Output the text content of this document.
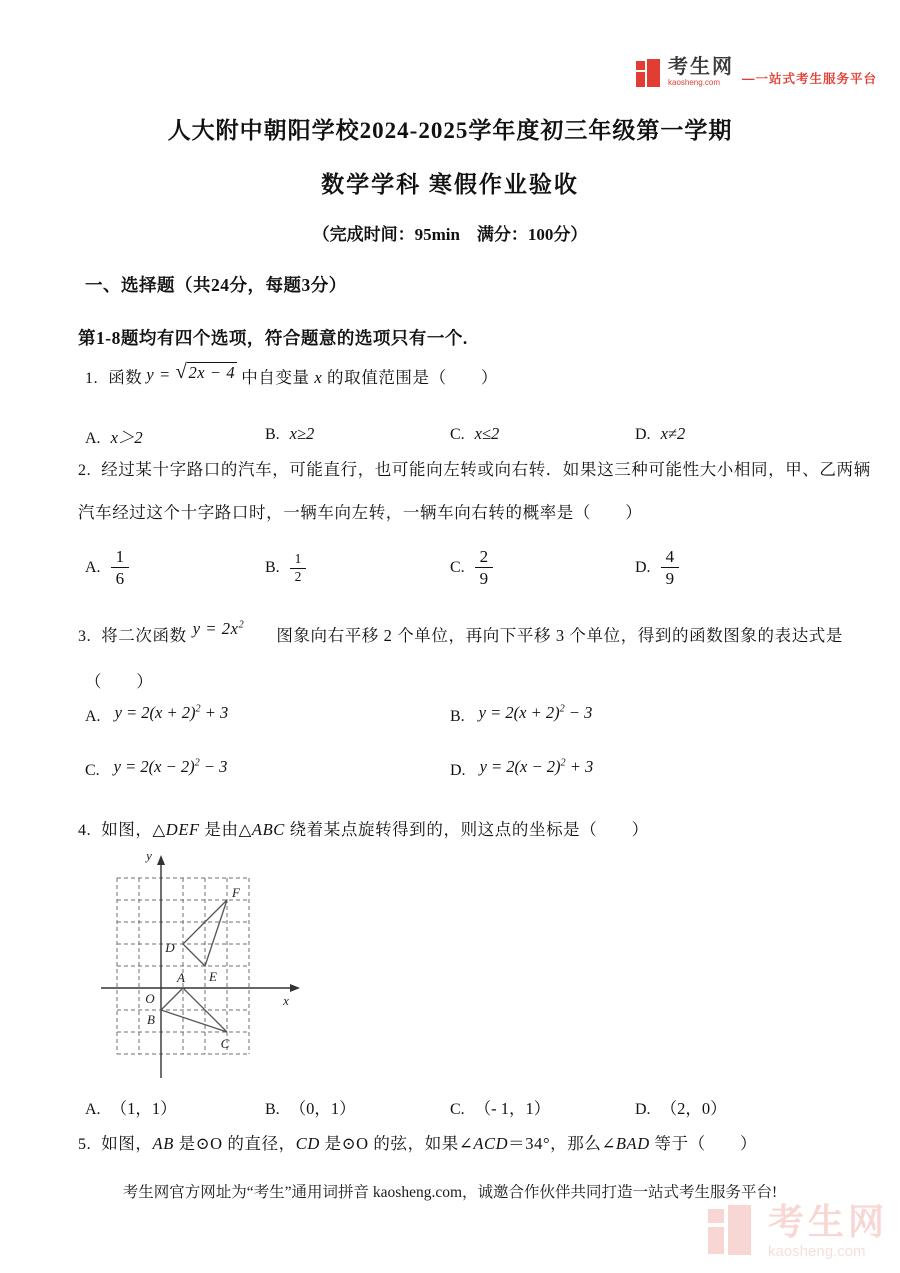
考生网
kaosheng.com	—一站式考生服务平台
人大附中朝阳学校2024-2025学年度初三年级第一学期
数学学科 寒假作业验收
（完成时间：95min　满分：100分）
一、选择题（共24分，每题3分）
第1-8题均有四个选项，符合题意的选项只有一个.
1. 函数 y = √2x − 4 中自变量 x 的取值范围是（　　）
A. x＞2	B. x≥2	C. x≤2	D. x≠2
2. 经过某十字路口的汽车，可能直行，也可能向左转或向右转．如果这三种可能性大小相同，甲、乙两辆
汽车经过这个十字路口时，一辆车向左转，一辆车向右转的概率是（　　）
A. $\frac{1}{6}$	B. $\frac{1}{2}$	C. $\frac{2}{9}$	D. $\frac{4}{9}$
3. 将二次函数 $y = 2x^2$图象向右平移 2 个单位，再向下平移 3 个单位，得到的函数图象的表达式是
（　　）
A. $y = 2(x + 2)^2 + 3$	B. $y = 2(x + 2)^2 - 3$
C. $y = 2(x - 2)^2 - 3$	D. $y = 2(x - 2)^2 + 3$
4. 如图，△DEF 是由△ABC 绕着某点旋转得到的，则这点的坐标是（　　）
y
x
O
A
B
C
D
E
F
A. （1，1）	B. （0，1）	C. （- 1，1）	D. （2，0）
5. 如图，AB 是⊙O 的直径，CD 是⊙O 的弦，如果∠ACD＝34°，那么∠BAD 等于（　　）
考生网官方网址为“考生”通用词拼音 kaosheng.com，诚邀合作伙伴共同打造一站式考生服务平台!
考生网
kaosheng.com
